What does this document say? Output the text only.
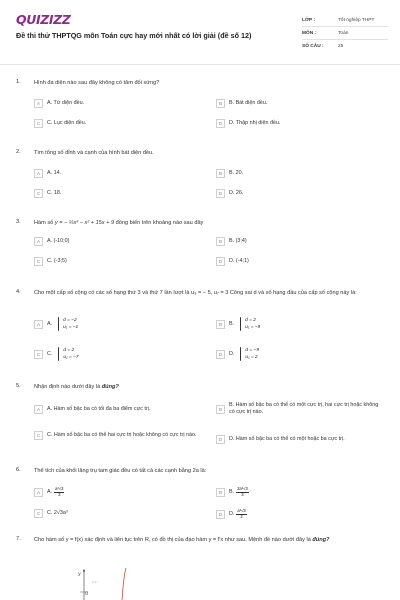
QUIZIZZ
Đề thi thử THPTQG môn Toán cực hay mới nhất có lời giải (đề số 12)
LỚP :	Tốt nghiệp THPT
MÔN :	Toán
SỐ CÂU :	25
1. Hình đa diện nào sau đây không có tâm đối xứng?
A	A. Tứ diện đều.	B	B. Bát diện đều.
C	C. Lục diện đều.	D	D. Thập nhị diện đều.
2. Tìm tổng số đỉnh và cạnh của hình bát diện đều.
A	A. 14.	B	B. 20.
C	C. 18.	D	D. 26.
3. Hàm số y = − ⅓x³ − x² + 15x + 9 đồng biến trên khoảng nào sau đây
A	A. (-10;0)	B	B. (3;4)
C	C. (-3;5)	D	D. (-4;1)
4. Cho một cấp số cộng có các số hạng thứ 3 và thứ 7 lần lượt là u₃ = − 5, u₇ = 3 Công sai d và số hạng đầu của cấp số cộng này là:
A	A. d = −2
u₁ = −1
B	B. d = 2
u₁ = −9
C	C. d = 2
u₁ = −7
D	D. d = −9
u₁ = 2
5. Nhận định nào dưới đây là đúng?
A	A. Hàm số bậc ba có tối đa ba điểm cực trị.	B
B. Hàm số bậc ba có thể có một cực trị, hai cực trị hoặc không có cực trị nào.
C	C. Hàm số bậc ba có thể hai cực trị hoặc không có cực trị nào.
D	D. Hàm số bậc ba có thể có một hoặc ba cực trị.
6. Thể tích của khối lăng trụ tam giác đều có tất cả các cạnh bằng 2a là:
A	A. $\frac{\text{a³√3}}{3}$	B	B. $\frac{\text{2a³√3}}{3}$
C	C. 2√3a³	D	D. $\frac{\text{a³√3}}{2}$
7. Cho hàm số y = f(x) xác định và liên tục trên R, có đồ thị của đạo hàm y = f′x như sau. Mệnh đề nào dưới đây là đúng?
y
O
